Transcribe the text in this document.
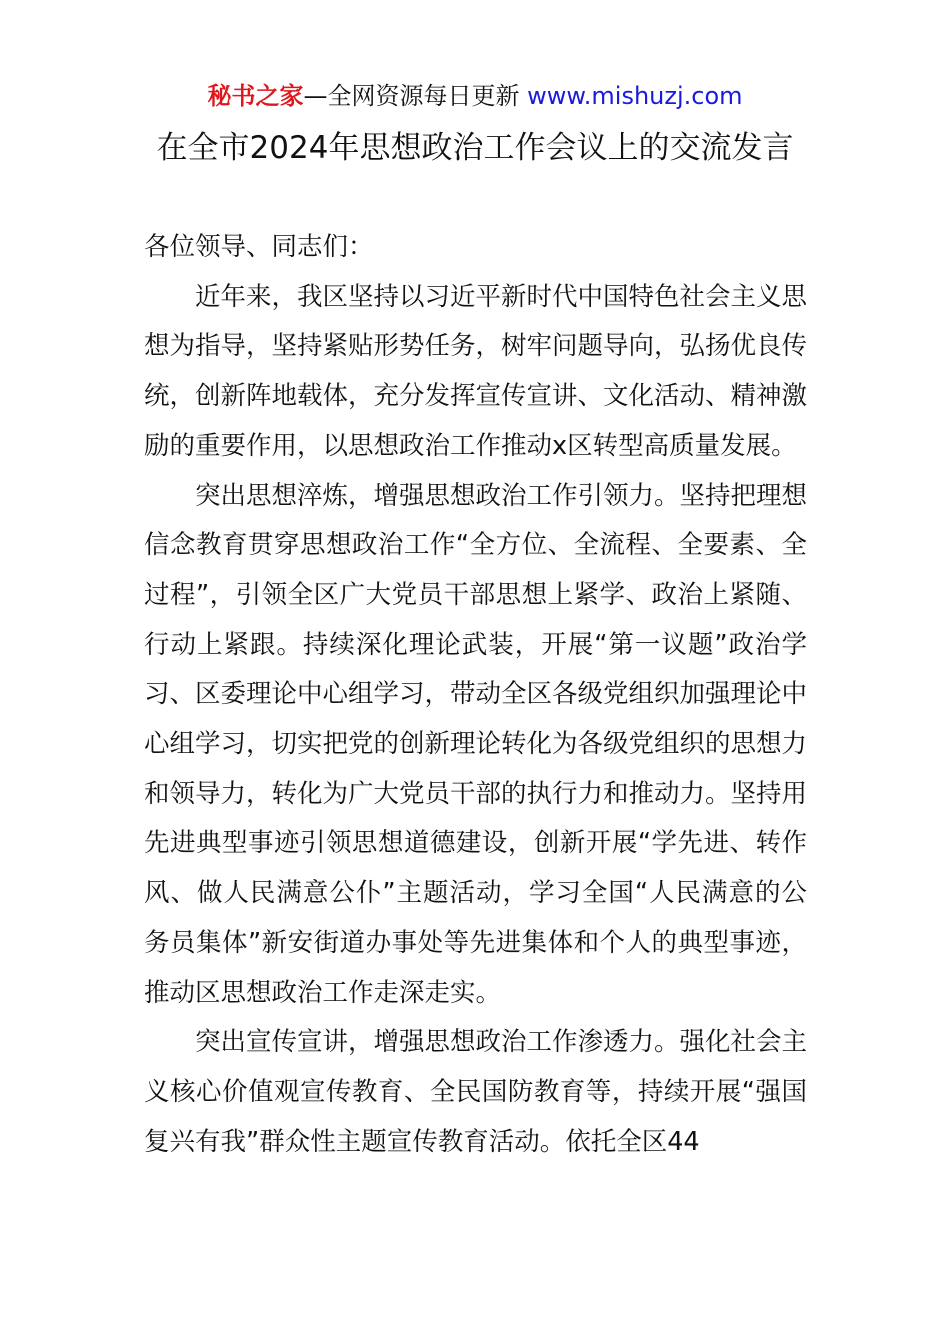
秘书之家—全网资源每日更新 www.mishuzj.com
在全市2024年思想政治工作会议上的交流发言

各位领导、同志们：

近年来，我区坚持以习近平新时代中国特色社会主义思想为指导，坚持紧贴形势任务，树牢问题导向，弘扬优良传统，创新阵地载体，充分发挥宣传宣讲、文化活动、精神激励的重要作用，以思想政治工作推动x区转型高质量发展。

突出思想淬炼，增强思想政治工作引领力。坚持把理想信念教育贯穿思想政治工作“全方位、全流程、全要素、全过程”，引领全区广大党员干部思想上紧学、政治上紧随、行动上紧跟。持续深化理论武装，开展“第一议题”政治学习、区委理论中心组学习，带动全区各级党组织加强理论中心组学习，切实把党的创新理论转化为各级党组织的思想力和领导力，转化为广大党员干部的执行力和推动力。坚持用先进典型事迹引领思想道德建设，创新开展“学先进、转作风、做人民满意公仆”主题活动，学习全国“人民满意的公务员集体”新安街道办事处等先进集体和个人的典型事迹，推动区思想政治工作走深走实。

突出宣传宣讲，增强思想政治工作渗透力。强化社会主义核心价值观宣传教育、全民国防教育等，持续开展“强国复兴有我”群众性主题宣传教育活动。依托全区44
